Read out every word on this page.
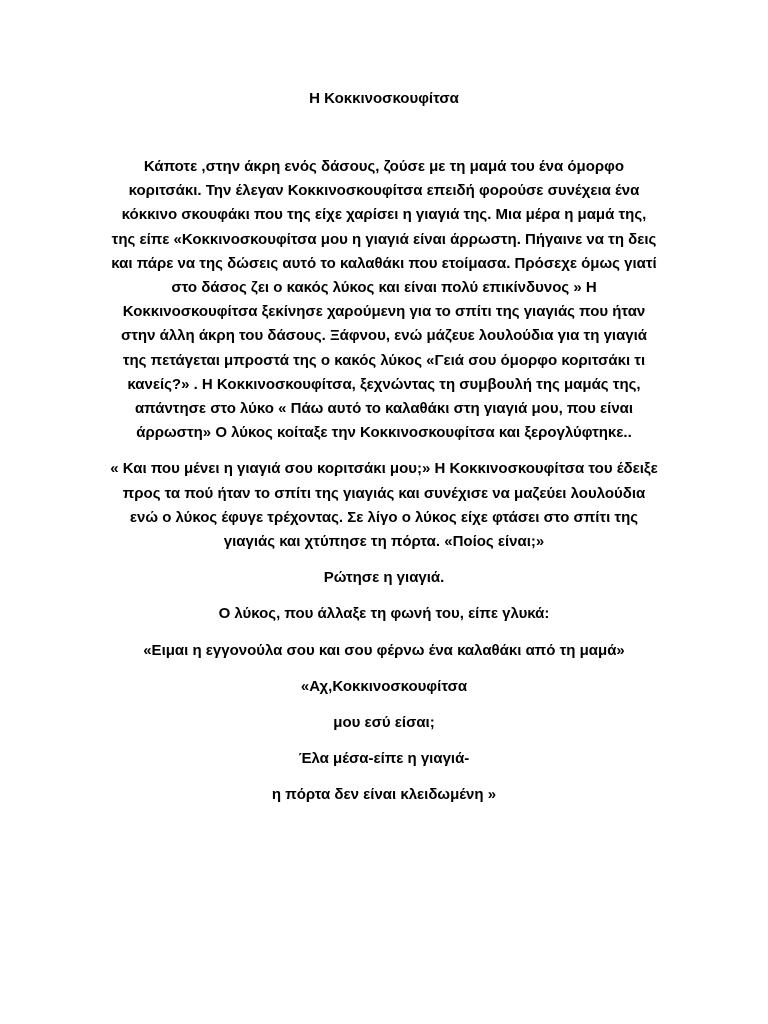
Η Κοκκινοσκουφίτσα

Κάποτε ,στην άκρη ενός δάσους, ζούσε με τη μαμά του ένα όμορφο κοριτσάκι. Την έλεγαν Κοκκινοσκουφίτσα επειδή φορούσε συνέχεια ένα κόκκινο σκουφάκι που της είχε χαρίσει η γιαγιά της. Μια μέρα η μαμά της, της είπε «Κοκκινοσκουφίτσα μου η γιαγιά είναι άρρωστη. Πήγαινε να τη δεις και πάρε να της δώσεις αυτό το καλαθάκι που ετοίμασα. Πρόσεχε όμως γιατί στο δάσος ζει ο κακός λύκος και είναι πολύ επικίνδυνος » Η Κοκκινοσκουφίτσα ξεκίνησε χαρούμενη για το σπίτι της γιαγιάς που ήταν στην άλλη άκρη του δάσους. Ξάφνου, ενώ μάζευε λουλούδια για τη γιαγιά της πετάγεται μπροστά της ο κακός λύκος «Γειά σου όμορφο κοριτσάκι τι κανείς?» . Η Κοκκινοσκουφίτσα, ξεχνώντας τη συμβουλή της μαμάς της, απάντησε στο λύκο « Πάω αυτό το καλαθάκι στη γιαγιά μου, που είναι άρρωστη» Ο λύκος κοίταξε την Κοκκινοσκουφίτσα και ξερογλύφτηκε..

« Και που μένει η γιαγιά σου κοριτσάκι μου;» Η Κοκκινοσκουφίτσα του έδειξε προς τα πού ήταν το σπίτι της γιαγιάς και συνέχισε να μαζεύει λουλούδια ενώ ο λύκος έφυγε τρέχοντας. Σε λίγο ο λύκος είχε φτάσει στο σπίτι της γιαγιάς και χτύπησε τη πόρτα. «Ποίος είναι;»

Ρώτησε η γιαγιά.

Ο λύκος, που άλλαξε τη φωνή του, είπε γλυκά:

«Ειμαι η εγγονούλα σου και σου φέρνω ένα καλαθάκι από τη μαμά»

«Αχ,Κοκκινοσκουφίτσα

μου εσύ είσαι;

Έλα μέσα-είπε η γιαγιά-

η πόρτα δεν είναι κλειδωμένη »
